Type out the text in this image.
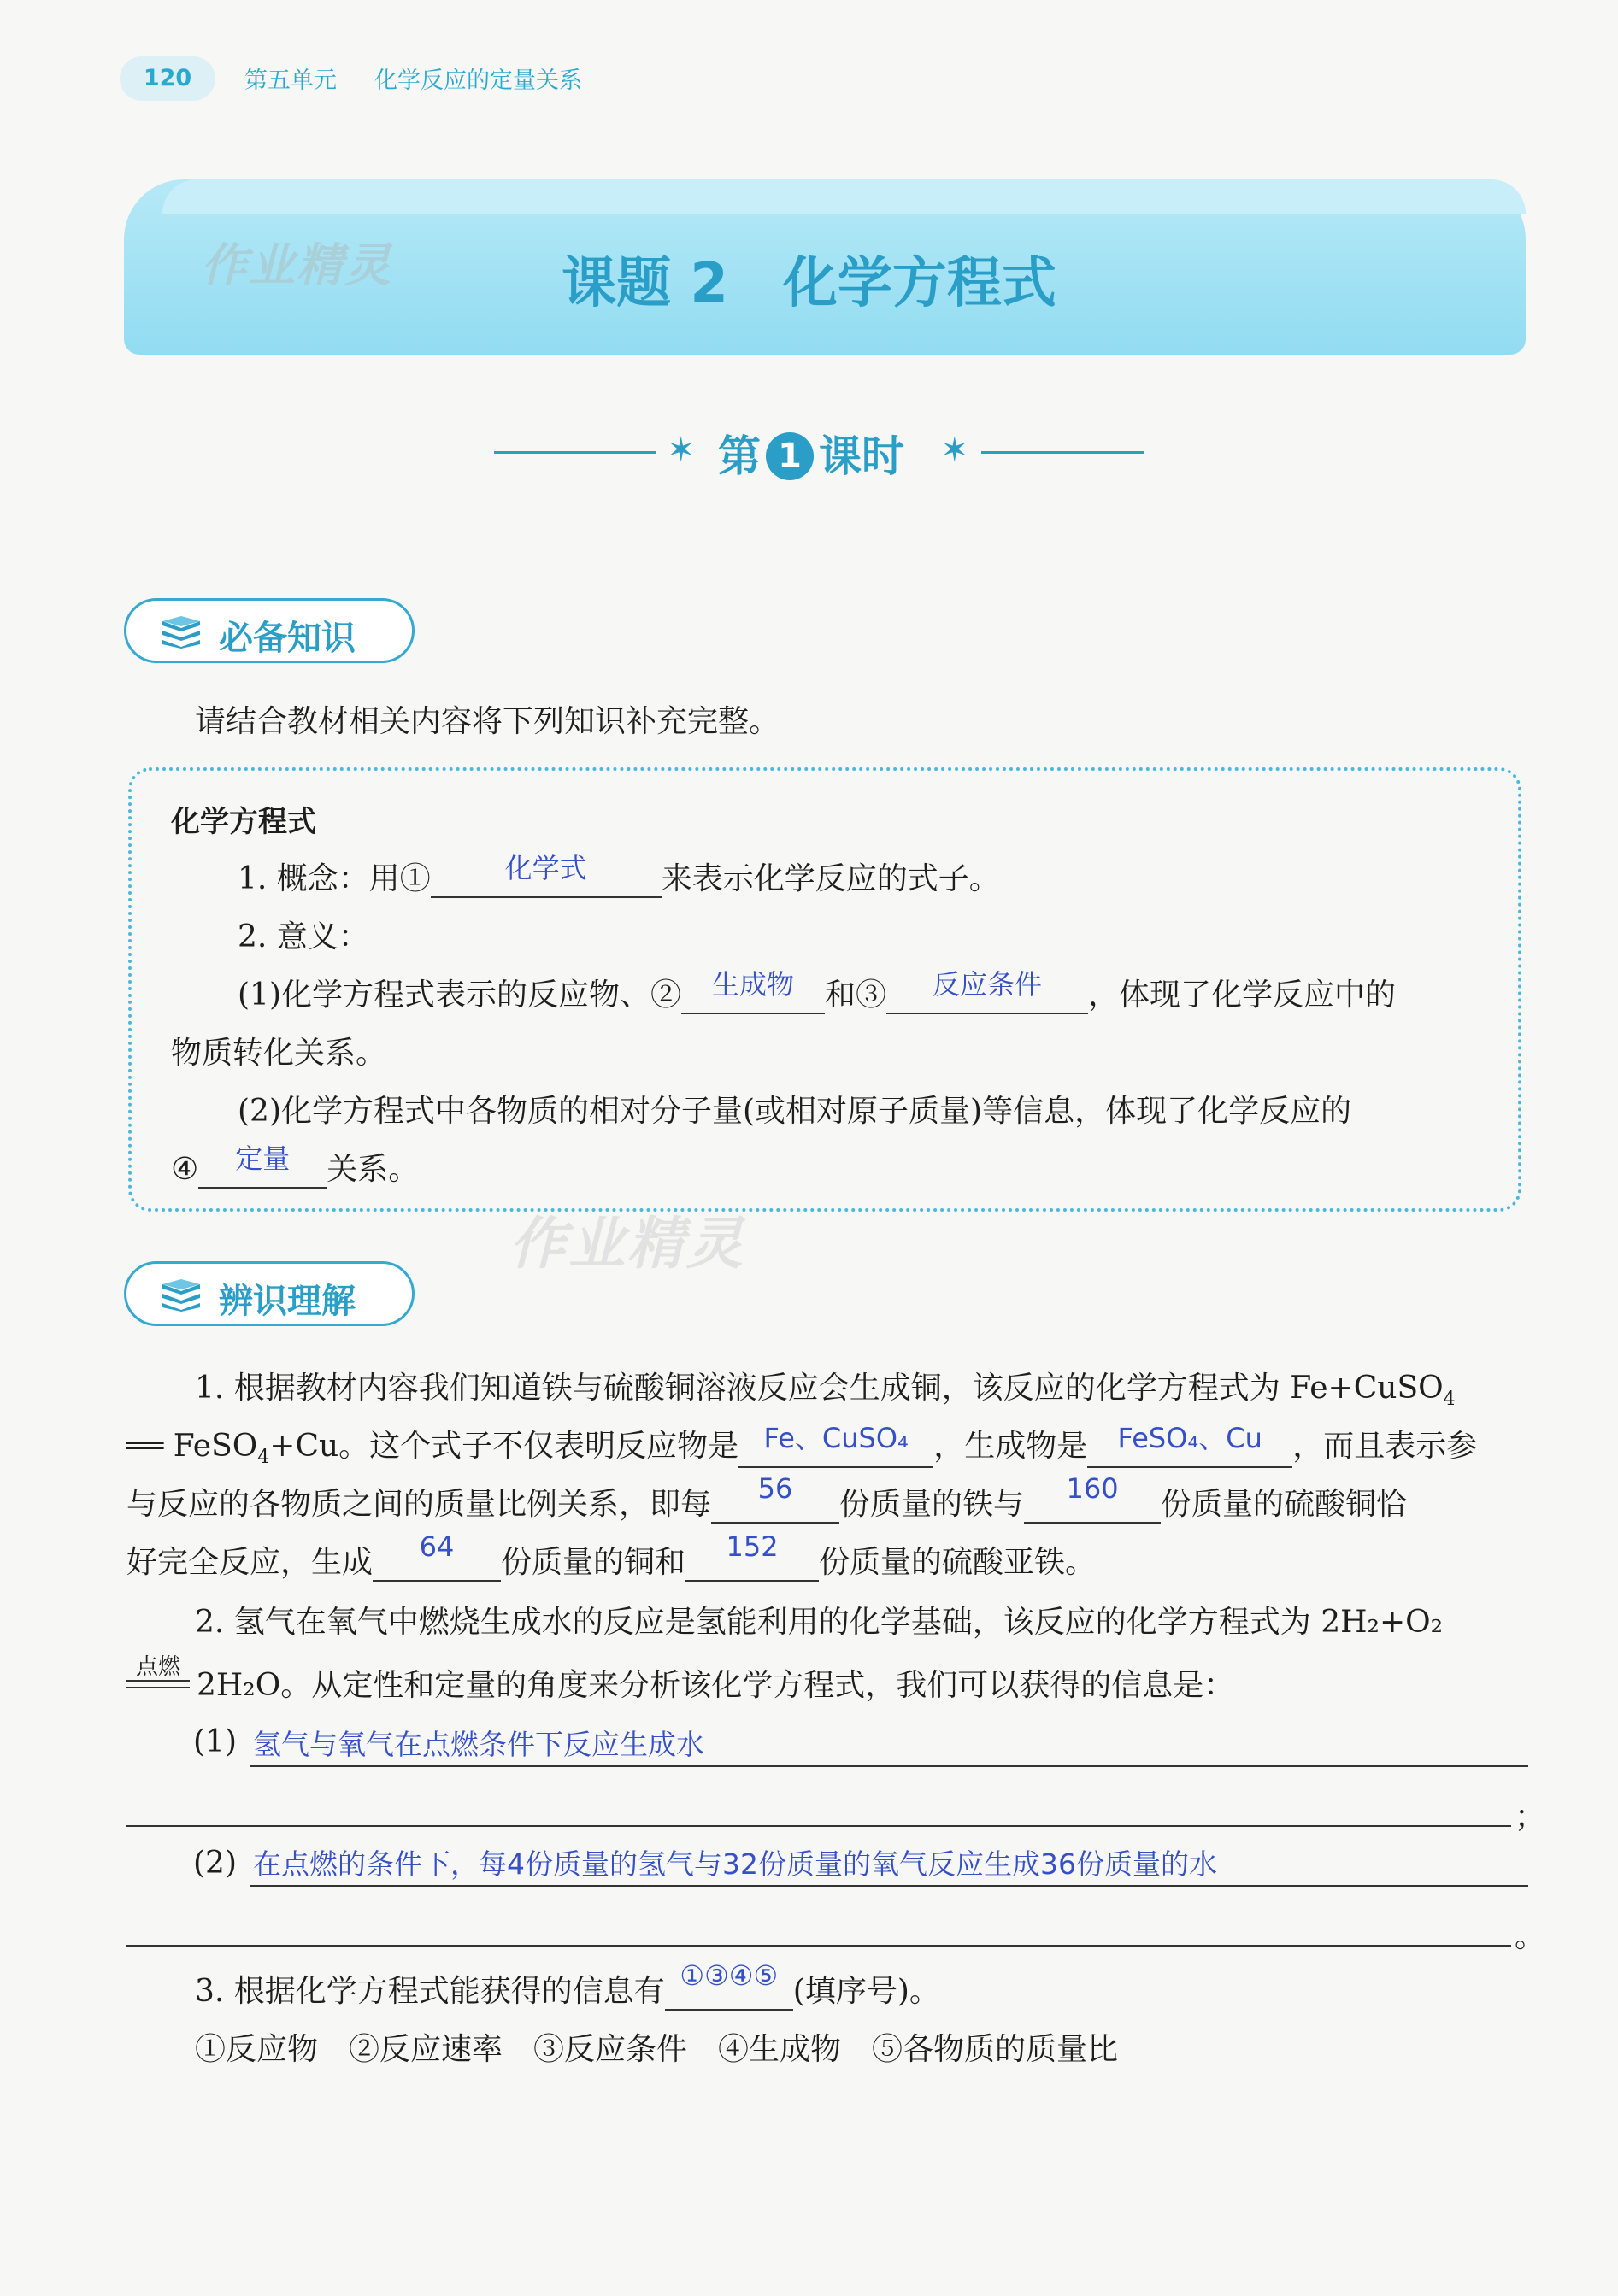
120	第五单元 化学反应的定量关系
作业精灵	课题 2　化学方程式
✶ 第 1 课时 ✶
必备知识
请结合教材相关内容将下列知识补充完整。
化学方程式
1. 概念：用①	化学式	来表示化学反应的式子。
2. 意义：
(1)化学方程式表示的反应物、②	生成物	和③	反应条件	，体现了化学反应中的
物质转化关系。
(2)化学方程式中各物质的相对分子量(或相对原子质量)等信息，体现了化学反应的
④	定量	关系。
作业精灵
辨识理解
1. 根据教材内容我们知道铁与硫酸铜溶液反应会生成铜，该反应的化学方程式为 Fe+CuSO$_4$
══ FeSO$_4$+Cu。这个式子不仅表明反应物是 Fe、CuSO₄ ，生成物是	FeSO₄、Cu ，而且表示参
与反应的各物质之间的质量比例关系，即每	56	份质量的铁与	160	份质量的硫酸铜恰
好完全反应，生成	64	份质量的铜和	152	份质量的硫酸亚铁。
2. 氢气在氧气中燃烧生成水的反应是氢能利用的化学基础，该反应的化学方程式为 2H₂+O₂
点燃
2H₂O。从定性和定量的角度来分析该化学方程式，我们可以获得的信息是：
(1) 氢气与氧气在点燃条件下反应生成水
；
(2) 在点燃的条件下，每4份质量的氢气与32份质量的氧气反应生成36份质量的水
。
3. 根据化学方程式能获得的信息有 ①③④⑤ (填序号)。
①反应物　②反应速率　③反应条件　④生成物　⑤各物质的质量比
